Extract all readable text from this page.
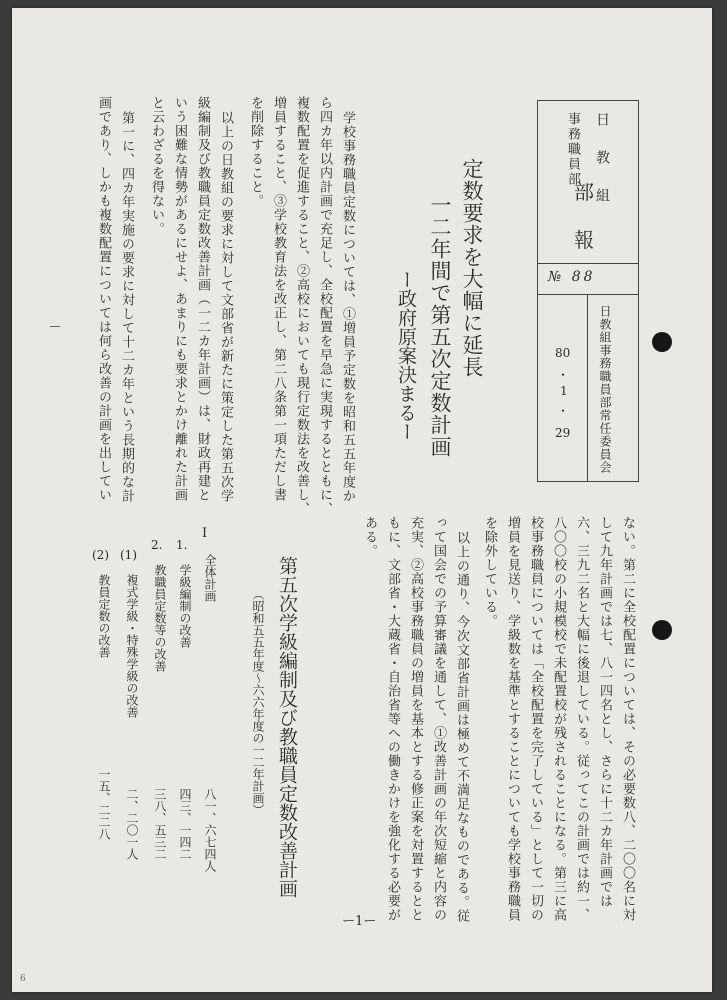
日 教 組
事務職員部
部
報
№ 88
80
・
1
・
29 日教組事務職員部常任委員会
定数要求を大幅に延長
一二年間で第五次定数計画
ー政府原案決まるー
学校事務職員定数については、①増員予定数を昭和五五年度か
ら四カ年以内計画で充足し、全校配置を早急に実現するとともに、
複数配置を促進すること、②高校においても現行定数法を改善し、
増員すること、③学校教育法を改正し、第二八条第一項ただし書
を削除すること。
以上の日教組の要求に対して文部省が新たに策定した第五次学
級編制及び教職員定数改善計画（一二カ年計画）は、財政再建と
いう困難な情勢があるにせよ、あまりにも要求とかけ離れた計画
と云わざるを得ない。
第一に、四カ年実施の要求に対して十二カ年という長期的な計
画であり、しかも複数配置については何ら改善の計画を出してい
ない。第二に全校配置については、その必要数八、二〇〇名に対
して九年計画では七、八一四名とし、さらに十二カ年計画では
六、三九二名と大幅に後退している。従ってこの計画では約一、
八〇〇校の小規模校で未配置校が残されることになる。第三に高
校事務職員については「全校配置を完了している」として一切の
増員を見送り、学級数を基準とすることについても学校事務職員
を除外している。
以上の通り、今次文部省計画は極めて不満足なものである。従
って国会での予算審議を通して、①改善計画の年次短縮と内容の
充実、②高校事務職員の増員を基本とする修正案を対置するとと
もに、文部省・大蔵省・自治省等への働きかけを強化する必要が
ある。
第五次学級編制及び教職員定数改善計画
（昭和五五年度〜六六年度の一二年計画）
Ⅰ
全体計画
八一、六七四人
1.
学級編制の改善
四三、一四二
2.
教職員定数等の改善
三八、五三二
(1)
複式学級・特殊学級の改善
二、二〇一人
(2)
教員定数の改善
一五、二二八
ー1ー
6
